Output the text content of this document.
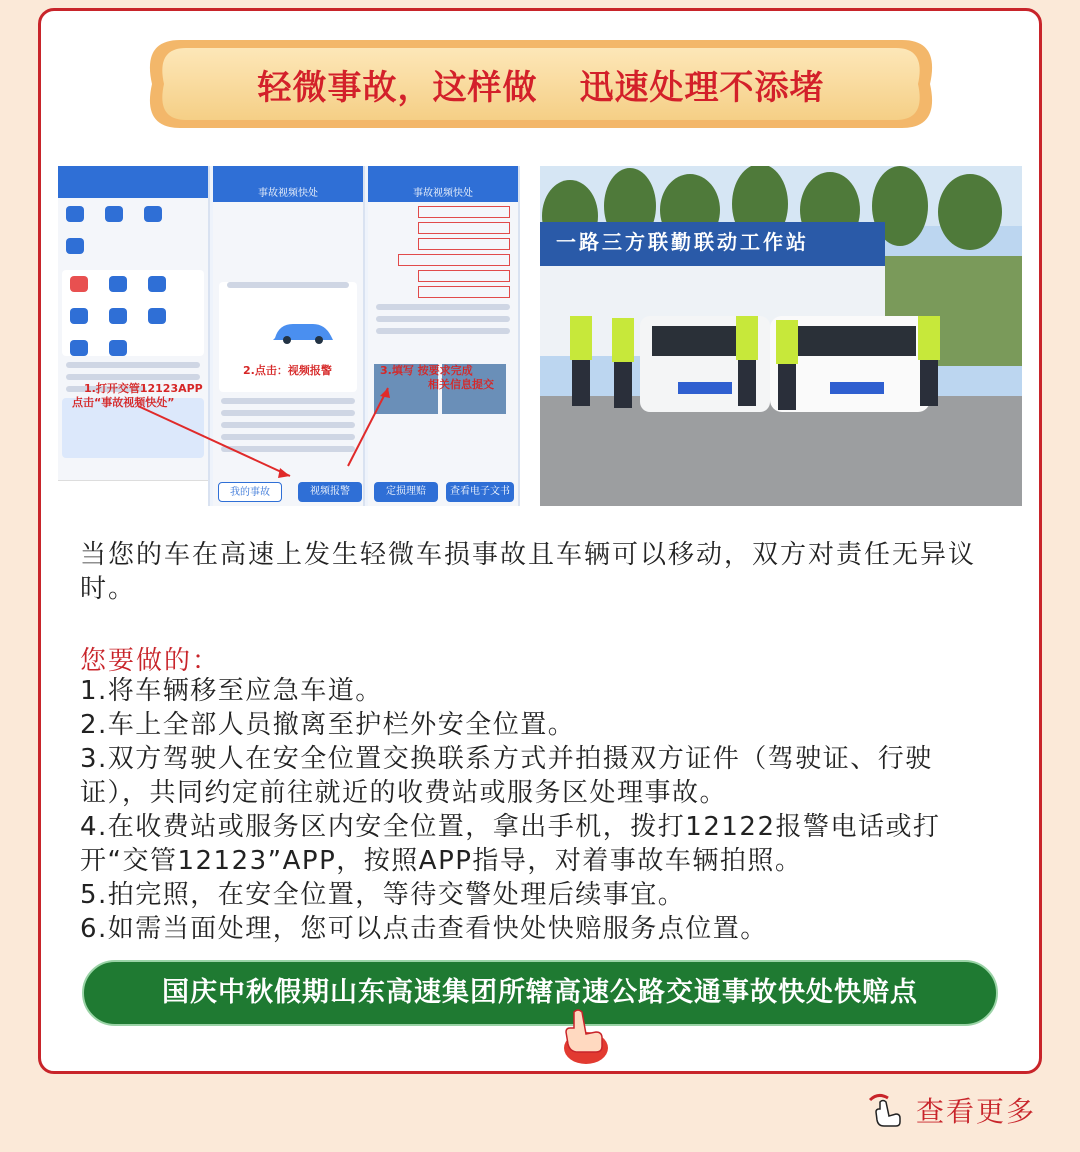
轻微事故，这样做 迅速处理不添堵

1.打开交管12123APP
点击“事故视频快处”
事故视频快处
2.点击：视频报警
我的事故	视频报警
事故视频快处
3.填写 按要求完成
相关信息提交
定损理赔	查看电子文书
一路三方联勤联动工作站
当您的车在高速上发生轻微车损事故且车辆可以移动，双方对责任无异议时。
您要做的：
1.将车辆移至应急车道。
2.车上全部人员撤离至护栏外安全位置。
3.双方驾驶人在安全位置交换联系方式并拍摄双方证件（驾驶证、行驶证），共同约定前往就近的收费站或服务区处理事故。
4.在收费站或服务区内安全位置，拿出手机，拨打12122报警电话或打开“交管12123”APP，按照APP指导，对着事故车辆拍照。
5.拍完照，在安全位置，等待交警处理后续事宜。
6.如需当面处理，您可以点击查看快处快赔服务点位置。
国庆中秋假期山东高速集团所辖高速公路交通事故快处快赔点
查看更多
